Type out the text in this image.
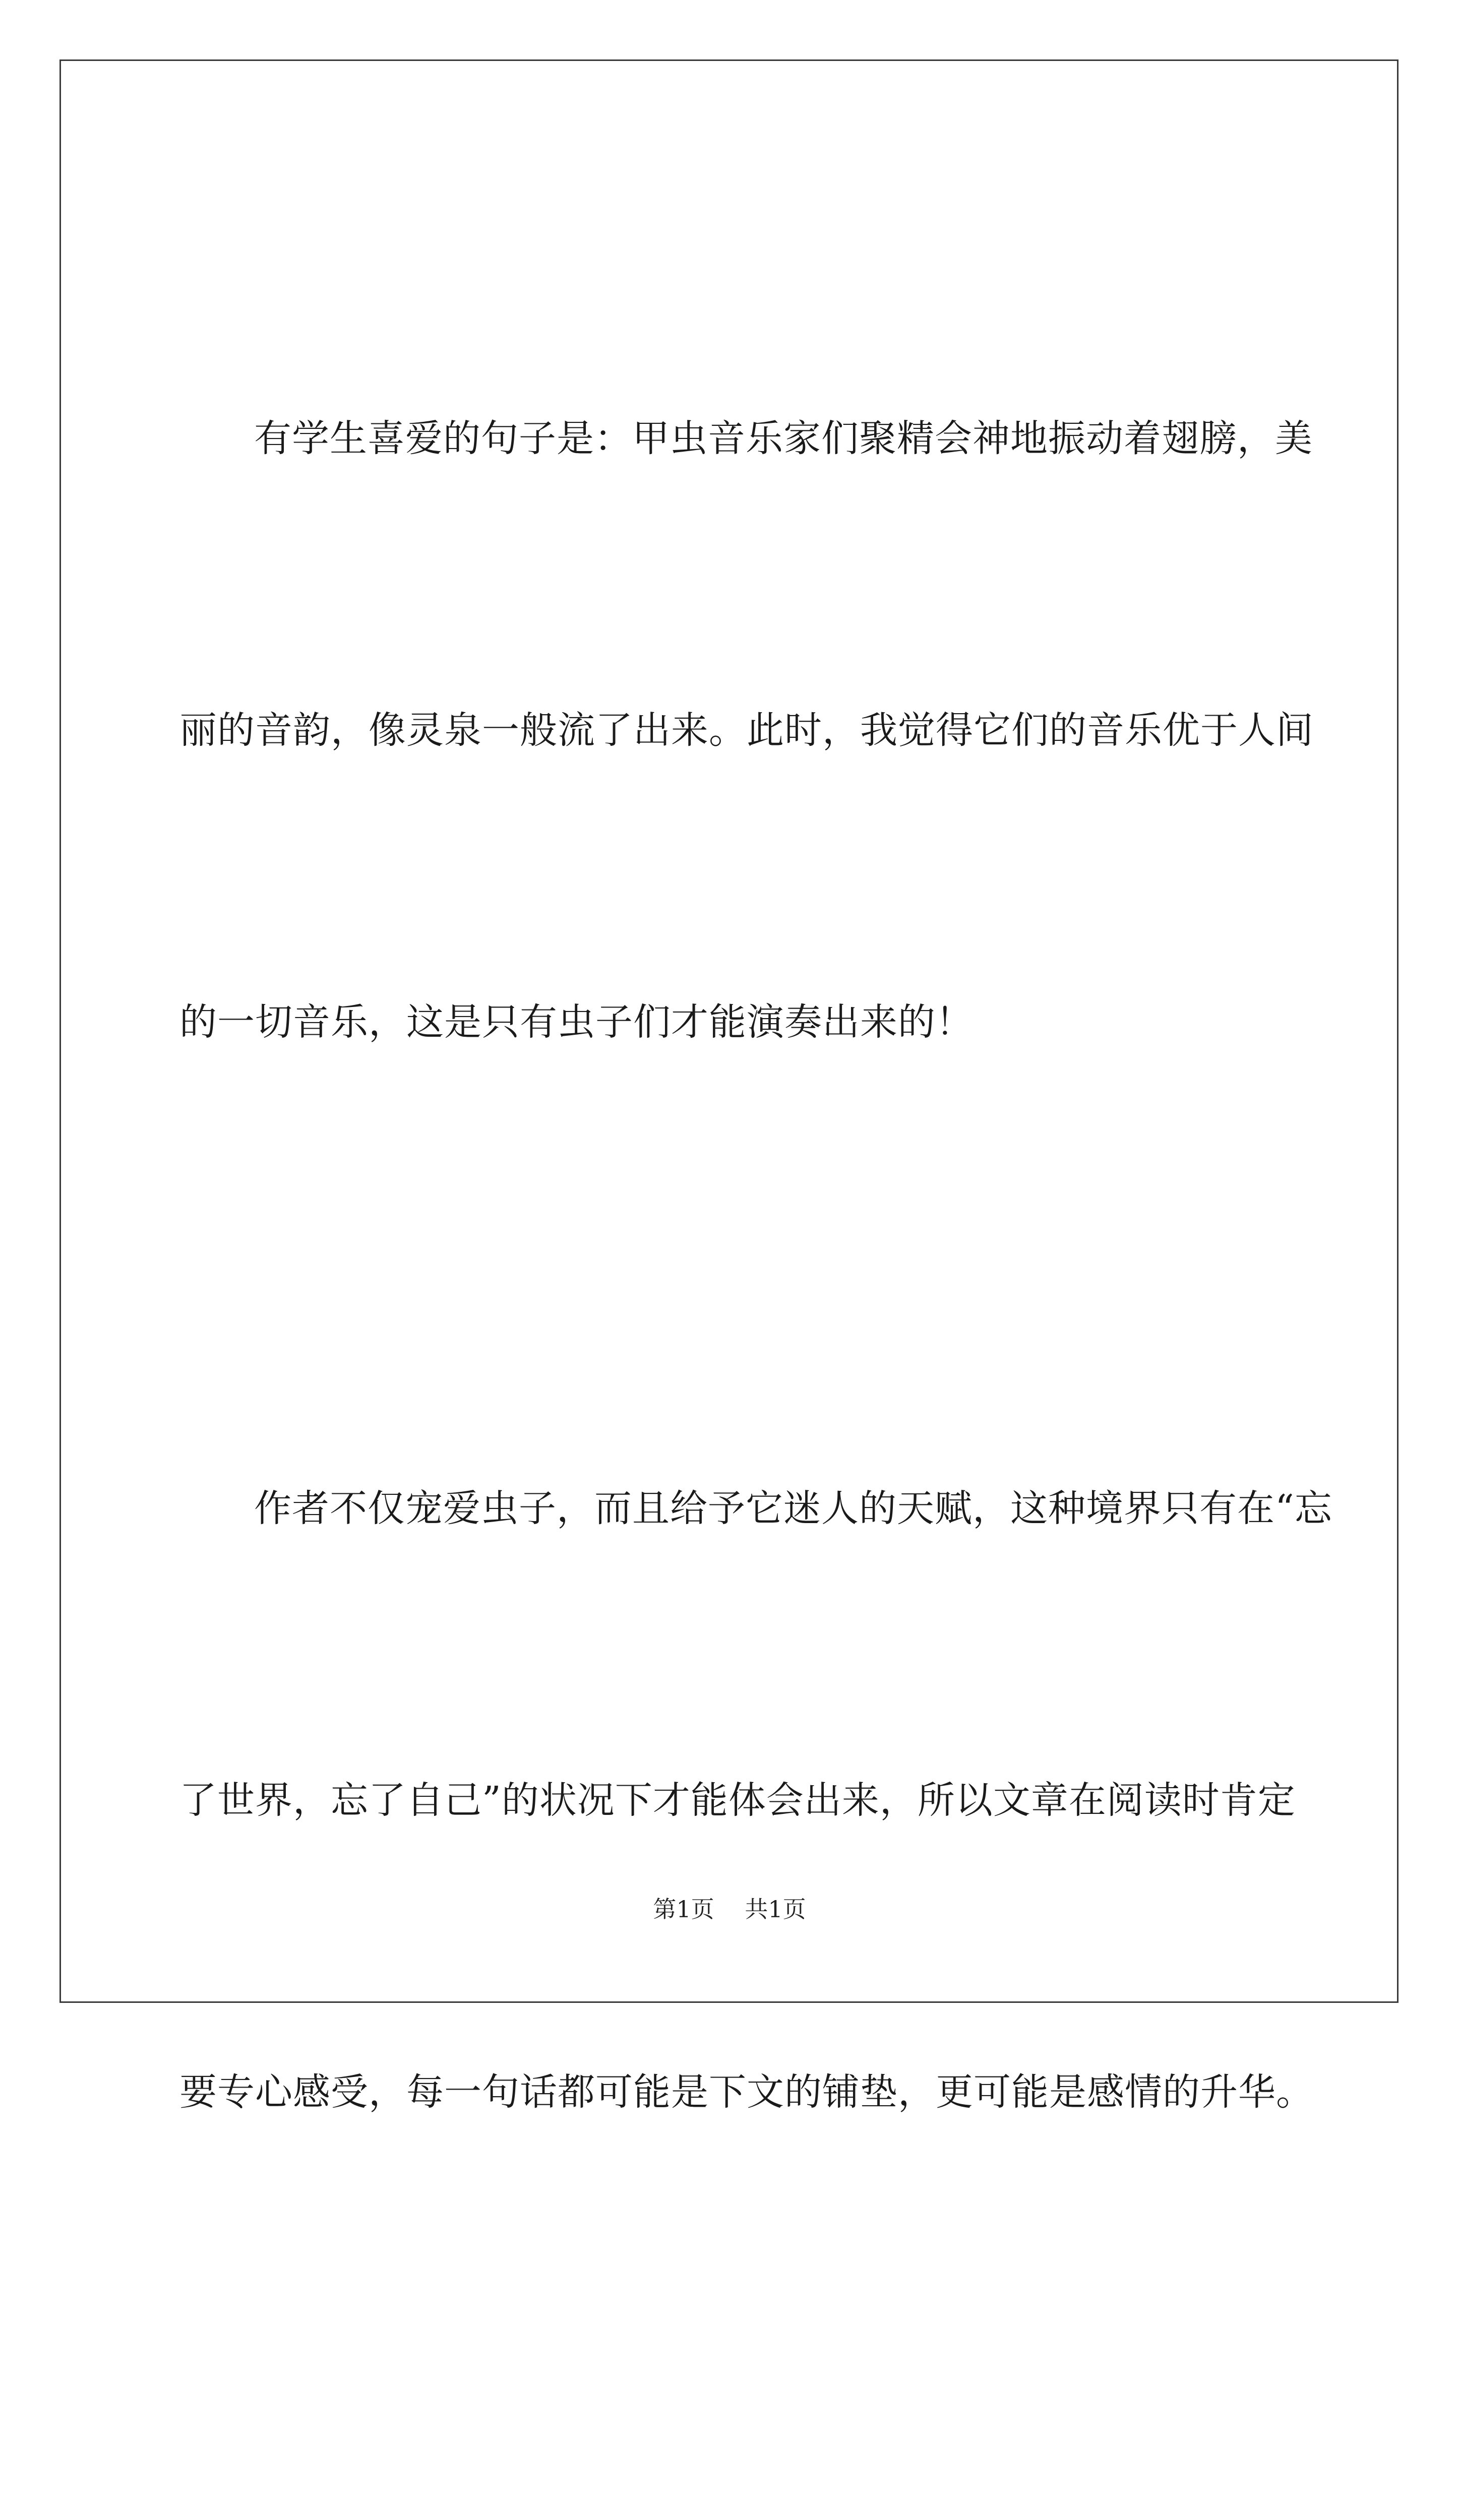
有学生喜爱的句子是：甲虫音乐家们聚精会神地振动着翅膀，美

丽的音韵，像灵泉一般流了出来。此时，我觉得它们的音乐优于人间

的一切音乐，这是只有虫子们才能演奏出来的！

作者不仅宠爱虫子，而且给予它迷人的天赋，这种境界只有在“忘

了世界，忘了自己”的状况下才能体会出来，所以文章在阅读时肯定

要专心感受，每一句话都可能是下文的铺垫，更可能是感情的升华。

第1页 共1页
